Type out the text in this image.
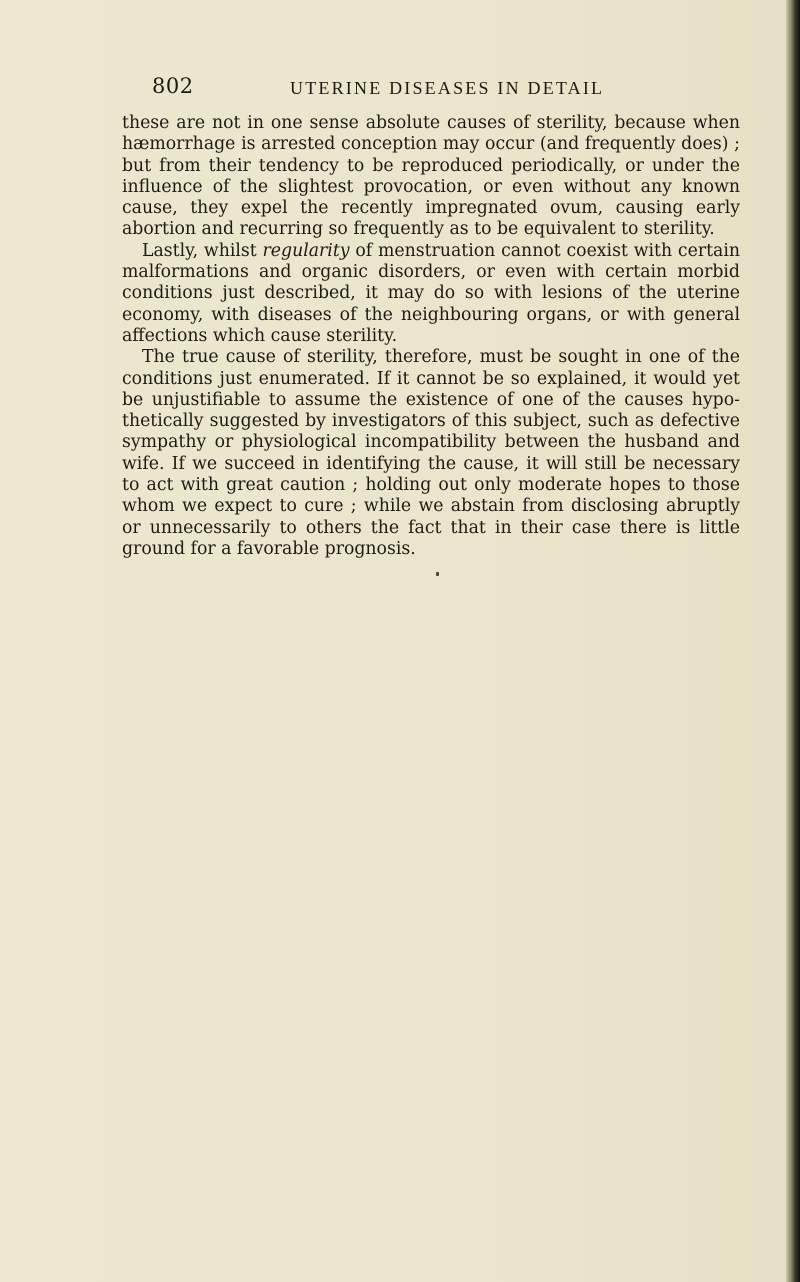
802	UTERINE DISEASES IN DETAIL

these are not in one sense absolute causes of sterility, because when hæmorrhage is arrested conception may occur (and frequently does) ; but from their tendency to be reproduced periodically, or under the influence of the slightest provocation, or even without any known cause, they expel the recently impregnated ovum, causing early abortion and recurring so frequently as to be equivalent to sterility.

Lastly, whilst regularity of menstruation cannot coexist with certain malformations and organic disorders, or even with certain morbid conditions just described, it may do so with lesions of the uterine economy, with diseases of the neighbouring organs, or with general affections which cause sterility.

The true cause of sterility, therefore, must be sought in one of the conditions just enumerated. If it cannot be so explained, it would yet be unjustifiable to assume the existence of one of the causes hypo-thetically suggested by investigators of this subject, such as defective sympathy or physiological incompatibility between the husband and wife. If we succeed in identifying the cause, it will still be necessary to act with great caution ; holding out only moderate hopes to those whom we expect to cure ; while we abstain from disclosing abruptly or unnecessarily to others the fact that in their case there is little ground for a favorable prognosis.
